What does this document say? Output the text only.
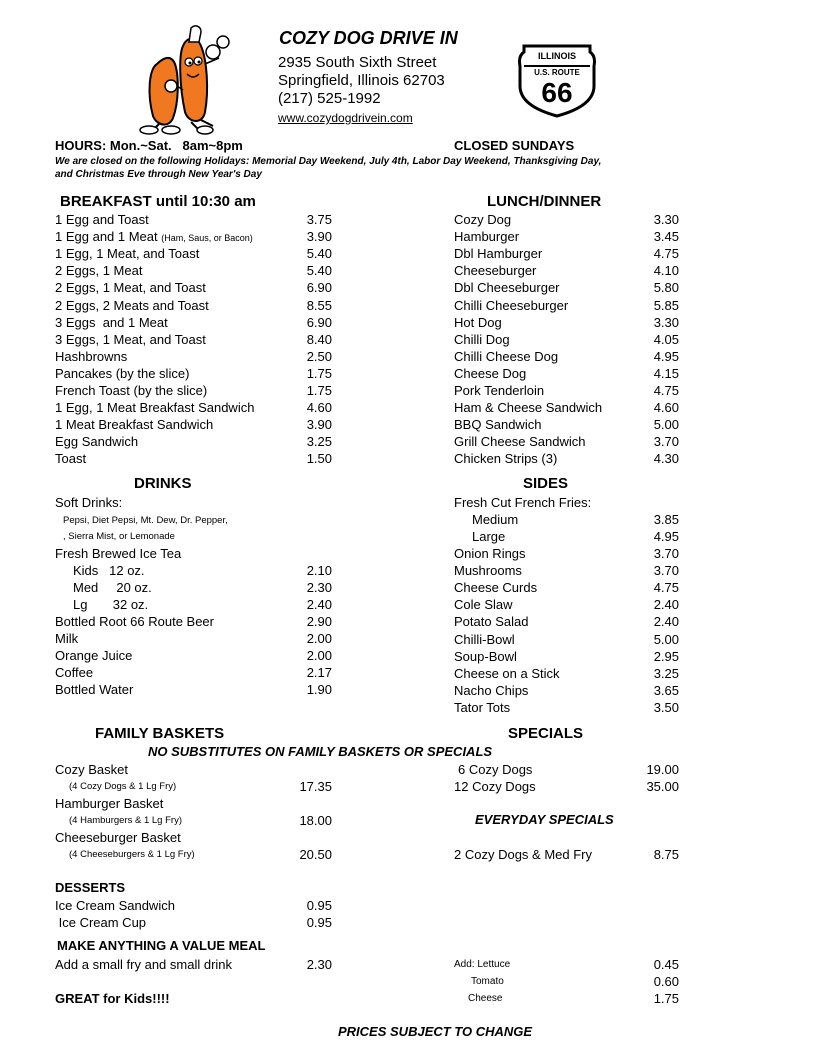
COZY DOG DRIVE IN
2935 South Sixth Street
Springfield, Illinois 62703
(217) 525-1992
www.cozydogdrivein.com
ILLINOIS
U.S. ROUTE
66
HOURS: Mon.~Sat.   8am~8pm	CLOSED SUNDAYS
We are closed on the following Holidays: Memorial Day Weekend, July 4th, Labor Day Weekend, Thanksgiving Day,
and Christmas Eve through New Year's Day
BREAKFAST until 10:30 am	LUNCH/DINNER
1 Egg and Toast	3.75
1 Egg and 1 Meat (Ham, Saus, or Bacon)	3.90
1 Egg, 1 Meat, and Toast	5.40
2 Eggs, 1 Meat	5.40
2 Eggs, 1 Meat, and Toast	6.90
2 Eggs, 2 Meats and Toast	8.55
3 Eggs  and 1 Meat	6.90
3 Eggs, 1 Meat, and Toast	8.40
Hashbrowns	2.50
Pancakes (by the slice)	1.75
French Toast (by the slice)	1.75
1 Egg, 1 Meat Breakfast Sandwich	4.60
1 Meat Breakfast Sandwich	3.90
Egg Sandwich	3.25
Toast	1.50
Cozy Dog	3.30
Hamburger	3.45
Dbl Hamburger	4.75
Cheeseburger	4.10
Dbl Cheeseburger	5.80
Chilli Cheeseburger	5.85
Hot Dog	3.30
Chilli Dog	4.05
Chilli Cheese Dog	4.95
Cheese Dog	4.15
Pork Tenderloin	4.75
Ham & Cheese Sandwich	4.60
BBQ Sandwich	5.00
Grill Cheese Sandwich	3.70
Chicken Strips (3)	4.30
DRINKS	SIDES
Soft Drinks:
Pepsi, Diet Pepsi, Mt. Dew, Dr. Pepper,
, Sierra Mist, or Lemonade
Fresh Brewed Ice Tea
Kids   12 oz.	2.10
Med     20 oz.	2.30
Lg       32 oz.	2.40
Bottled Root 66 Route Beer	2.90
Milk	2.00
Orange Juice	2.00
Coffee	2.17
Bottled Water	1.90
Fresh Cut French Fries:
Medium	3.85
Large	4.95
Onion Rings	3.70
Mushrooms	3.70
Cheese Curds	4.75
Cole Slaw	2.40
Potato Salad	2.40
Chilli-Bowl	5.00
Soup-Bowl	2.95
Cheese on a Stick	3.25
Nacho Chips	3.65
Tator Tots	3.50
FAMILY BASKETS	SPECIALS
NO SUBSTITUTES ON FAMILY BASKETS OR SPECIALS
Cozy Basket
(4 Cozy Dogs & 1 Lg Fry)	17.35
Hamburger Basket
(4 Hamburgers & 1 Lg Fry)	18.00
Cheeseburger Basket
(4 Cheeseburgers & 1 Lg Fry)	20.50
6 Cozy Dogs	19.00
12 Cozy Dogs	35.00
EVERYDAY SPECIALS
2 Cozy Dogs & Med Fry	8.75
DESSERTS
Ice Cream Sandwich	0.95
Ice Cream Cup	0.95
MAKE ANYTHING A VALUE MEAL
Add a small fry and small drink	2.30
GREAT for Kids!!!!
Add: Lettuce	0.45
Tomato	0.60
Cheese	1.75
PRICES SUBJECT TO CHANGE
